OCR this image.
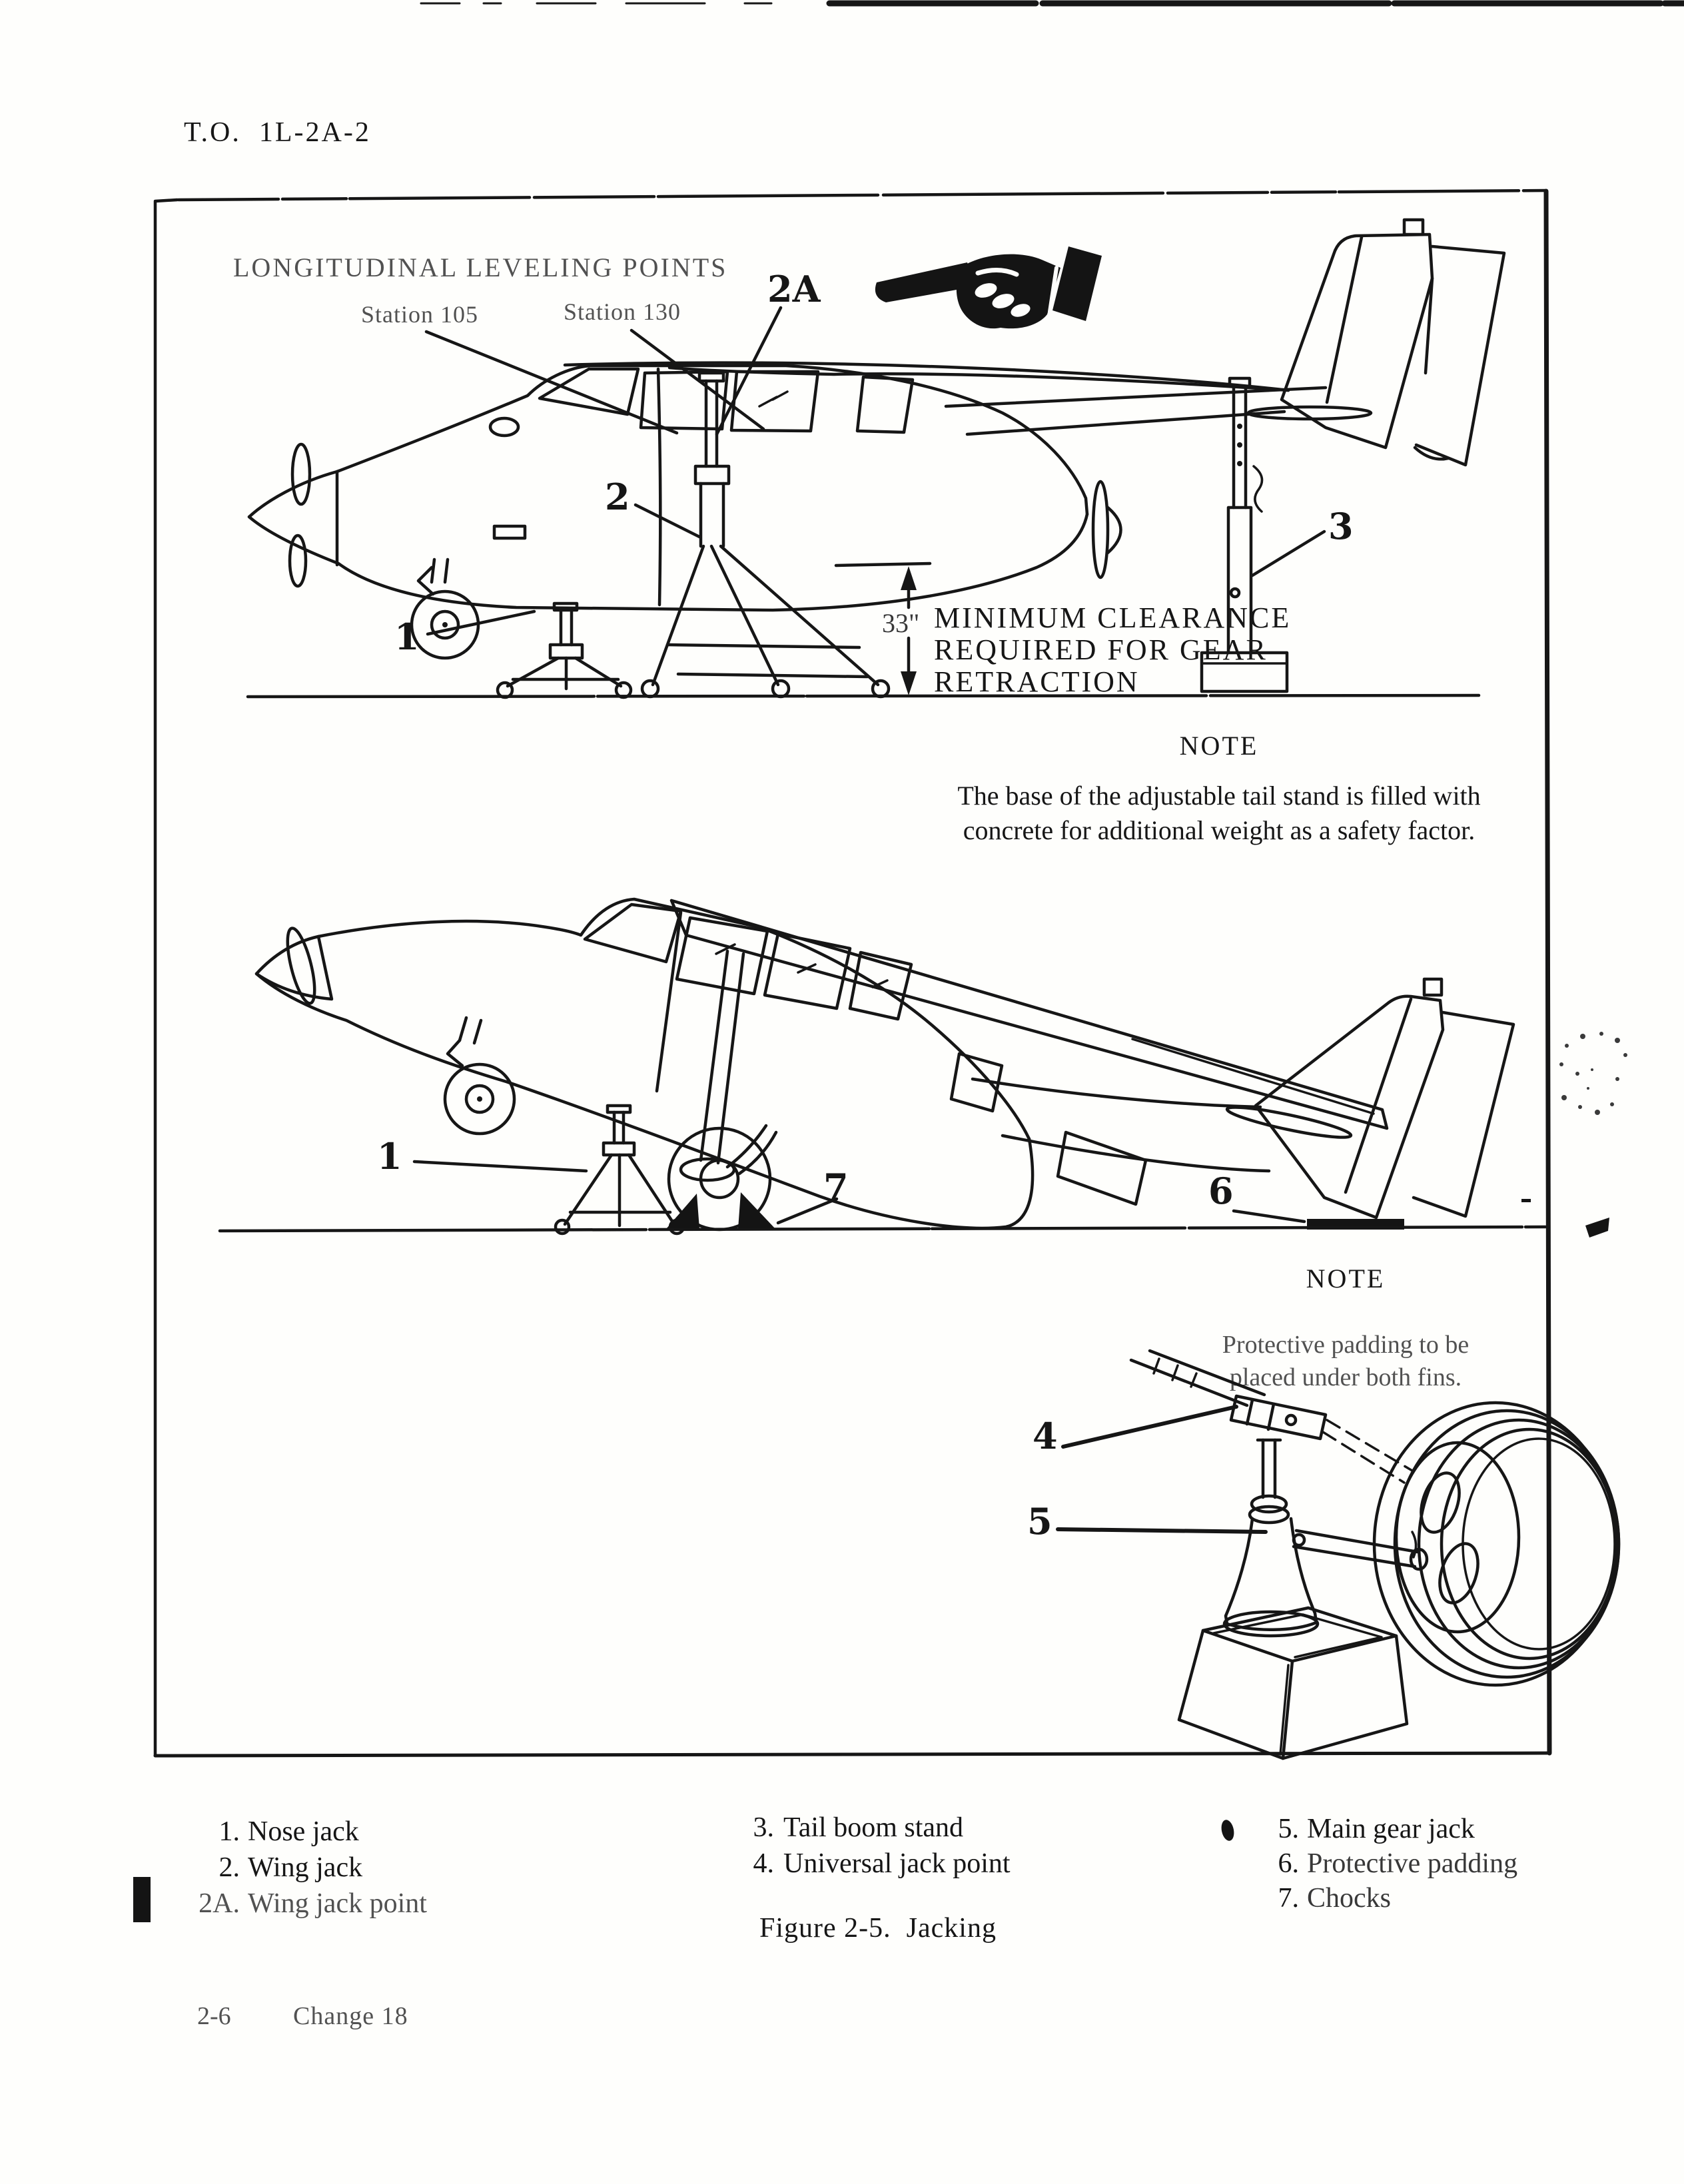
T.O.  1L-2A-2
LONGITUDINAL LEVELING POINTS
Station 105	Station 130
2A
2
1
3
1
7	6
4
5
33" MINIMUM CLEARANCE
REQUIRED FOR GEAR
RETRACTION
NOTE
The base of the adjustable tail stand is filled with
concrete for additional weight as a safety factor.
NOTE
Protective padding to be
placed under both fins.
1. Nose jack
2. Wing jack
2A. Wing jack point
3. Tail boom stand
4. Universal jack point
5. Main gear jack
6. Protective padding
7. Chocks
Figure 2-5.  Jacking
2-6 Change 18
